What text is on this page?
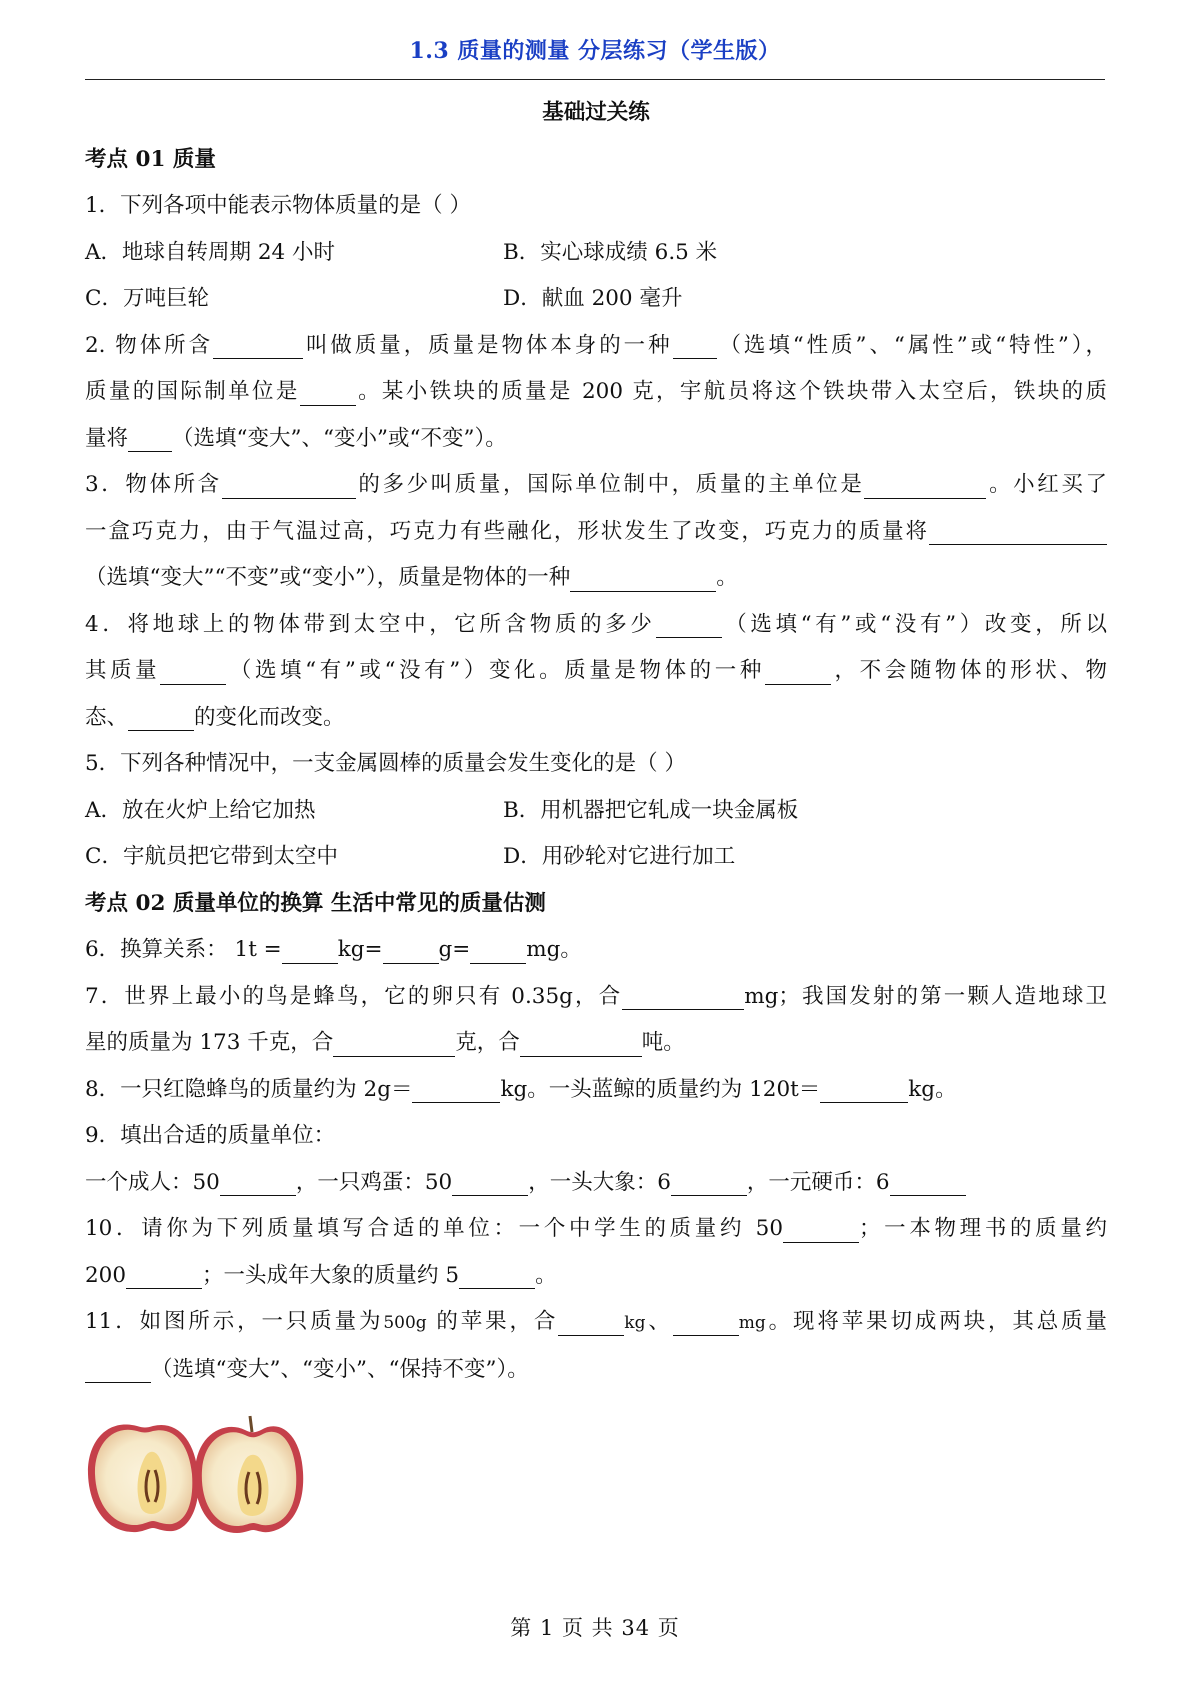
1.3 质量的测量 分层练习（学生版）
基础过关练
考点 01 质量
1．下列各项中能表示物体质量的是（ ）
A．地球自转周期 24 小时	B．实心球成绩 6.5 米
C．万吨巨轮	D．献血 200 毫升
2. 物体所含	叫做质量，质量是物体本身的一种 （选填“性质”、“属性”或“特性”），
质量的国际制单位是	。某小铁块的质量是 200 克，宇航员将这个铁块带入太空后，铁块的质
量将 （选填“变大”、“变小”或“不变”）。
3．物体所含	的多少叫质量，国际单位制中，质量的主单位是	。小红买了
一盒巧克力，由于气温过高，巧克力有些融化，形状发生了改变，巧克力的质量将
（选填“变大”“不变”或“变小”），质量是物体的一种	。
4．将地球上的物体带到太空中，它所含物质的多少	（选填“有”或“没有”）改变，所以
其质量	（选填“有”或“没有”）变化。质量是物体的一种	，不会随物体的形状、物
态、	的变化而改变。
5．下列各种情况中，一支金属圆棒的质量会发生变化的是（ ）
A．放在火炉上给它加热	B．用机器把它轧成一块金属板
C．宇航员把它带到太空中	D．用砂轮对它进行加工
考点 02 质量单位的换算 生活中常见的质量估测
6．换算关系： 1t =	kg=	g=	mg。
7．世界上最小的鸟是蜂鸟，它的卵只有 0.35g，合	mg；我国发射的第一颗人造地球卫
星的质量为 173 千克，合	克，合	吨。
8．一只红隐蜂鸟的质量约为 2g＝	kg。一头蓝鲸的质量约为 120t＝	kg。
9．填出合适的质量单位：
一个成人：50	，一只鸡蛋：50	，一头大象：6	，一元硬币：6
10．请你为下列质量填写合适的单位：一个中学生的质量约 50	；一本物理书的质量约
200	；一头成年大象的质量约 5	。
11．如图所示，一只质量为500g 的苹果，合	kg、	mg。现将苹果切成两块，其总质量
（选填“变大”、“变小”、“保持不变”）。
第 1 页 共 34 页
